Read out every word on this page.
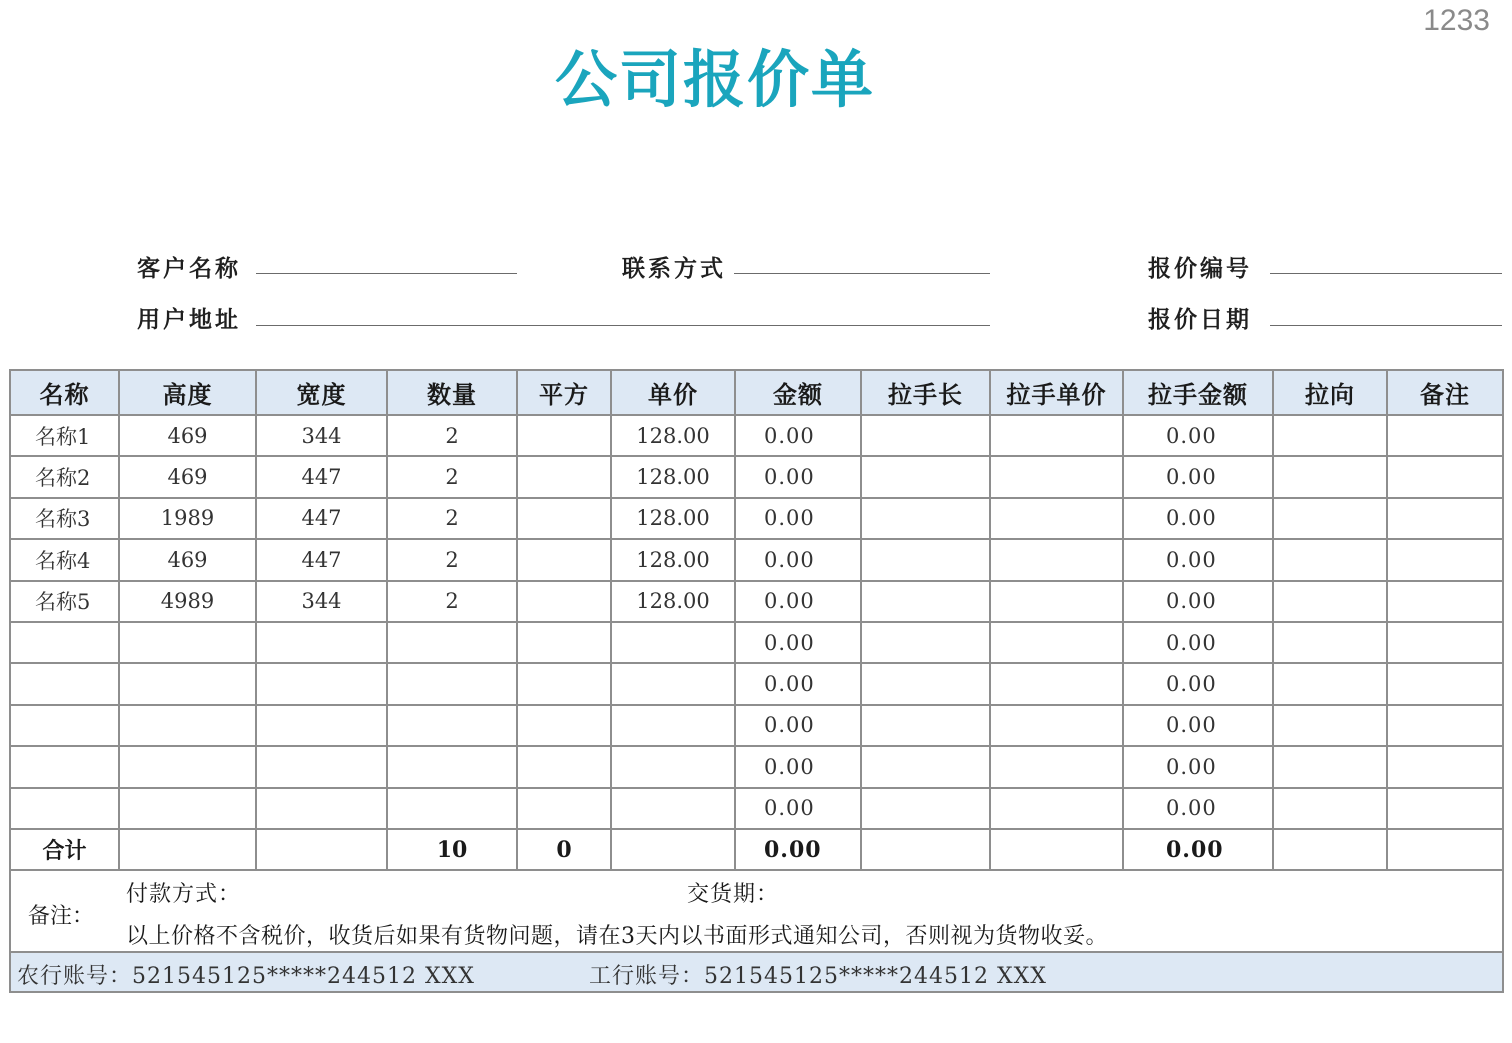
1233
公司报价单
客户名称	联系方式	报价编号
用户地址	报价日期
名称	高度	宽度	数量	平方	单价	金额	拉手长	拉手单价	拉手金额	拉向	备注
名称1	469	344	2		128.00	0.00			0.00		
名称2	469	447	2		128.00	0.00			0.00		
名称3	1989	447	2		128.00	0.00			0.00		
名称4	469	447	2		128.00	0.00			0.00		
名称5	4989	344	2		128.00	0.00			0.00		
						0.00			0.00		
						0.00			0.00		
						0.00			0.00		
						0.00			0.00		
						0.00			0.00		
合计			10	0		0.00			0.00		

备注：
付款方式： 交货期：
以上价格不含税价，收货后如果有货物问题，请在3天内以书面形式通知公司，否则视为货物收妥。											

农行账号：521545125*****244512 XXX 工行账号：521545125*****244512 XXX											
